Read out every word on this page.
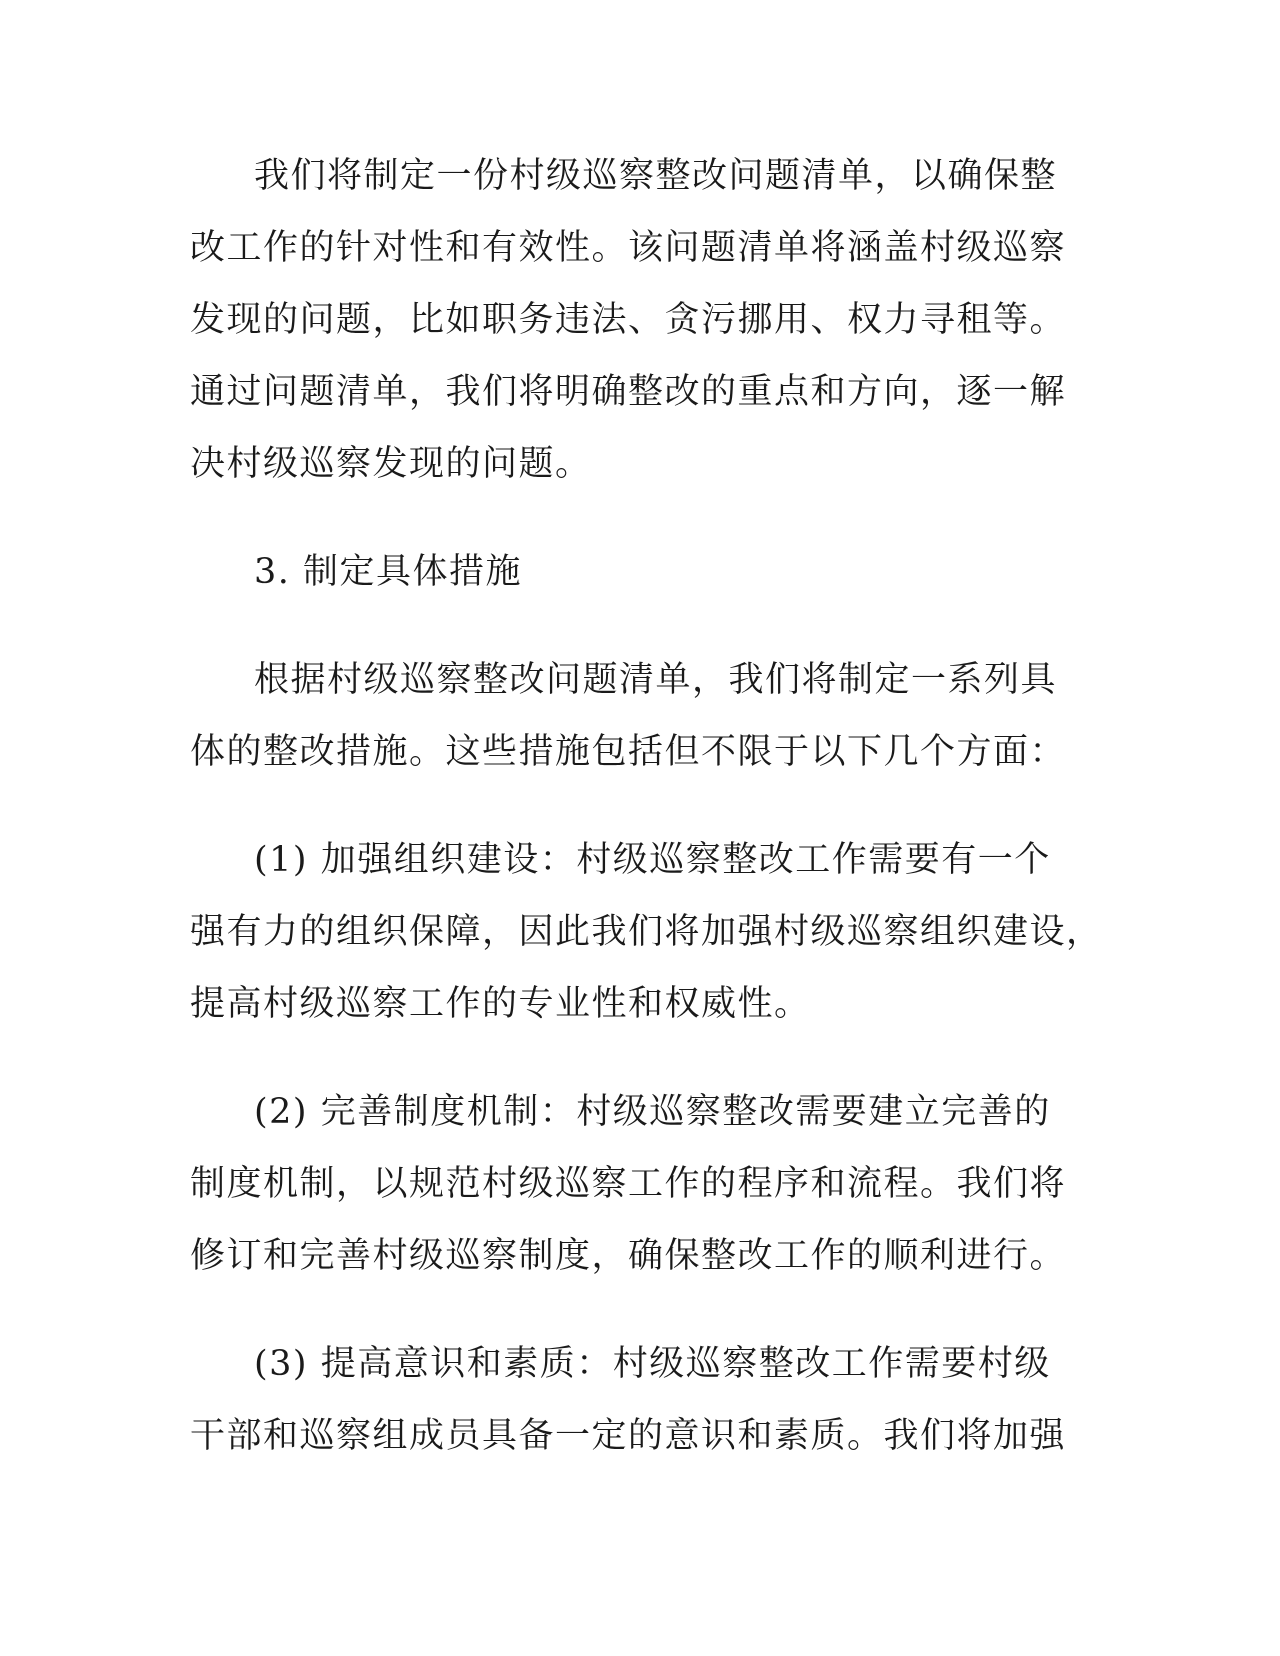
我们将制定一份村级巡察整改问题清单，以确保整
改工作的针对性和有效性。该问题清单将涵盖村级巡察
发现的问题，比如职务违法、贪污挪用、权力寻租等。
通过问题清单，我们将明确整改的重点和方向，逐一解
决村级巡察发现的问题。
3. 制定具体措施
根据村级巡察整改问题清单，我们将制定一系列具
体的整改措施。这些措施包括但不限于以下几个方面：
(1) 加强组织建设：村级巡察整改工作需要有一个
强有力的组织保障，因此我们将加强村级巡察组织建设，
提高村级巡察工作的专业性和权威性。
(2) 完善制度机制：村级巡察整改需要建立完善的
制度机制，以规范村级巡察工作的程序和流程。我们将
修订和完善村级巡察制度，确保整改工作的顺利进行。
(3) 提高意识和素质：村级巡察整改工作需要村级
干部和巡察组成员具备一定的意识和素质。我们将加强
